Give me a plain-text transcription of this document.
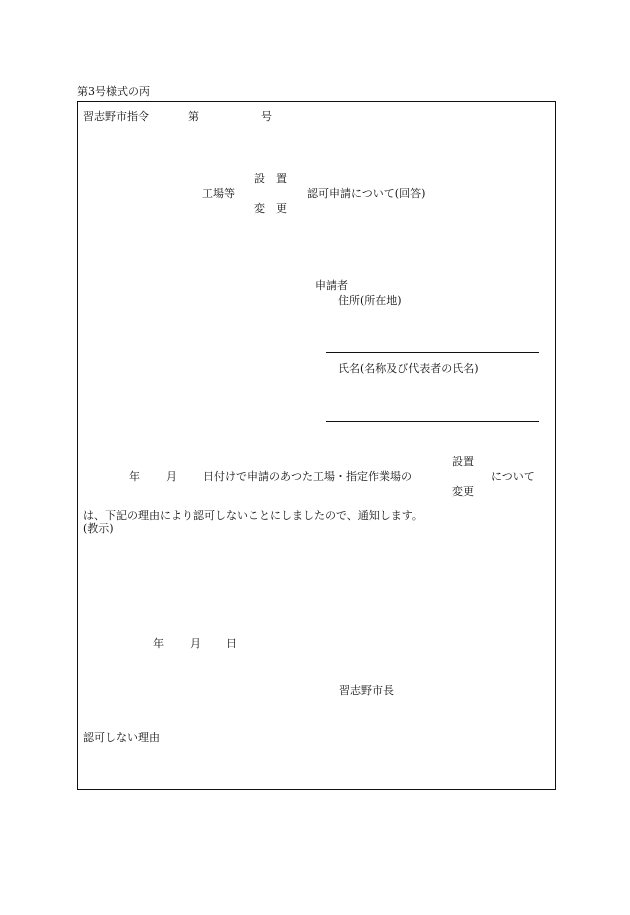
第3号様式の丙
習志野市指令	第	号
設　置
工場等	認可申請について(回答)
変　更
申請者
住所(所在地)
氏名(名称及び代表者の氏名)
設置
年 月 日付けで申請のあつた工場・指定作業場の	について
変更
は、下記の理由により認可しないことにしましたので、通知します。
(教示)
年 月 日
習志野市長
認可しない理由
